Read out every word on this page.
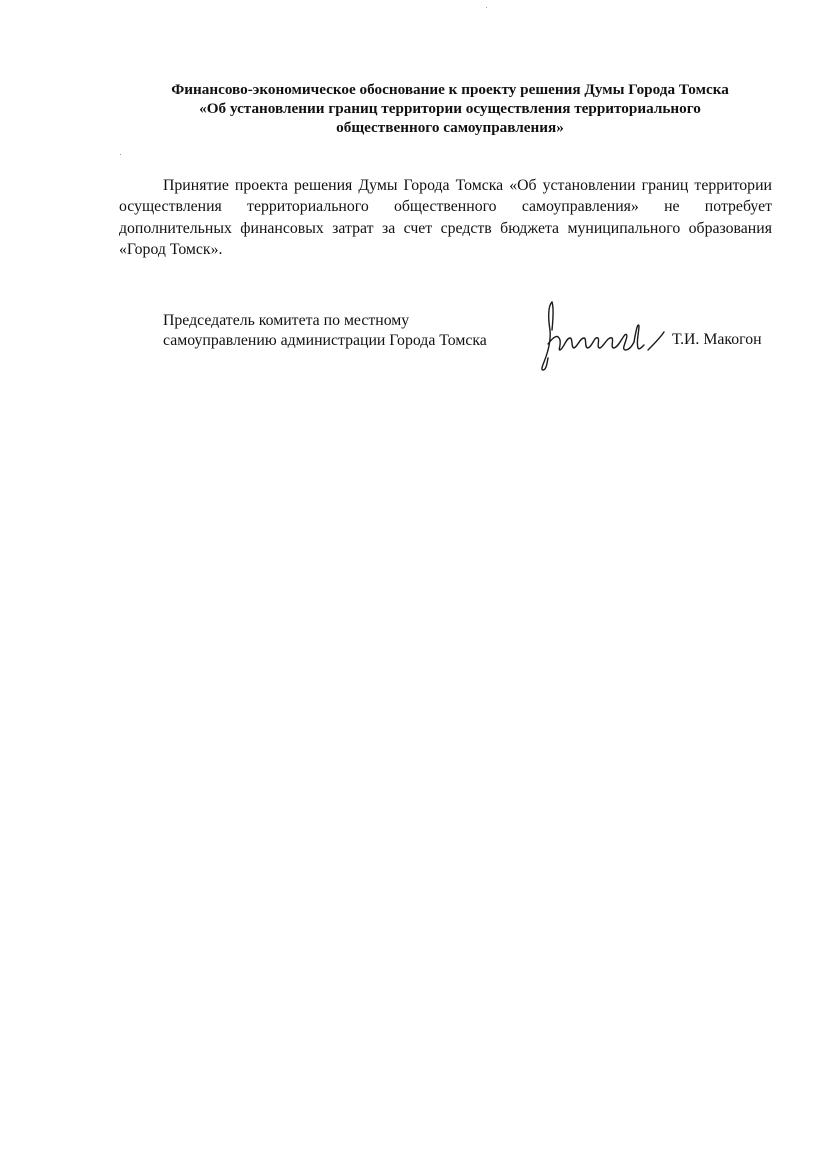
Финансово-экономическое обоснование к проекту решения Думы Города Томска
«Об установлении границ территории осуществления территориального
общественного самоуправления»

Принятие проекта решения Думы Города Томска «Об установлении границ территории осуществления территориального общественного самоуправления» не потребует дополнительных финансовых затрат за счет средств бюджета муниципального образования «Город Томск».

Председатель комитета по местному
самоуправлению администрации Города Томска	Т.И. Макогон
